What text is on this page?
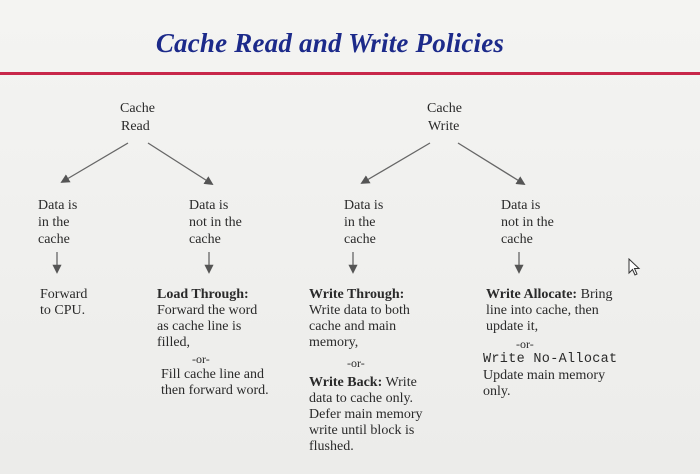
Cache Read and Write Policies
Cache
Read
Cache
Write
Data is
in the
cache
Data is
not in the
cache
Data is
in the
cache
Data is
not in the
cache
Forward
to CPU.
Load Through:
Forward the word
as cache line is
filled,
-or-
Fill cache line and
then forward word.
Write Through:
Write data to both
cache and main
memory,
-or-
Write Back: Write
data to cache only.
Defer main memory
write until block is
flushed.
Write Allocate: Bring
line into cache, then
update it,
-or-
Write No-Allocat
Update main memory
only.
